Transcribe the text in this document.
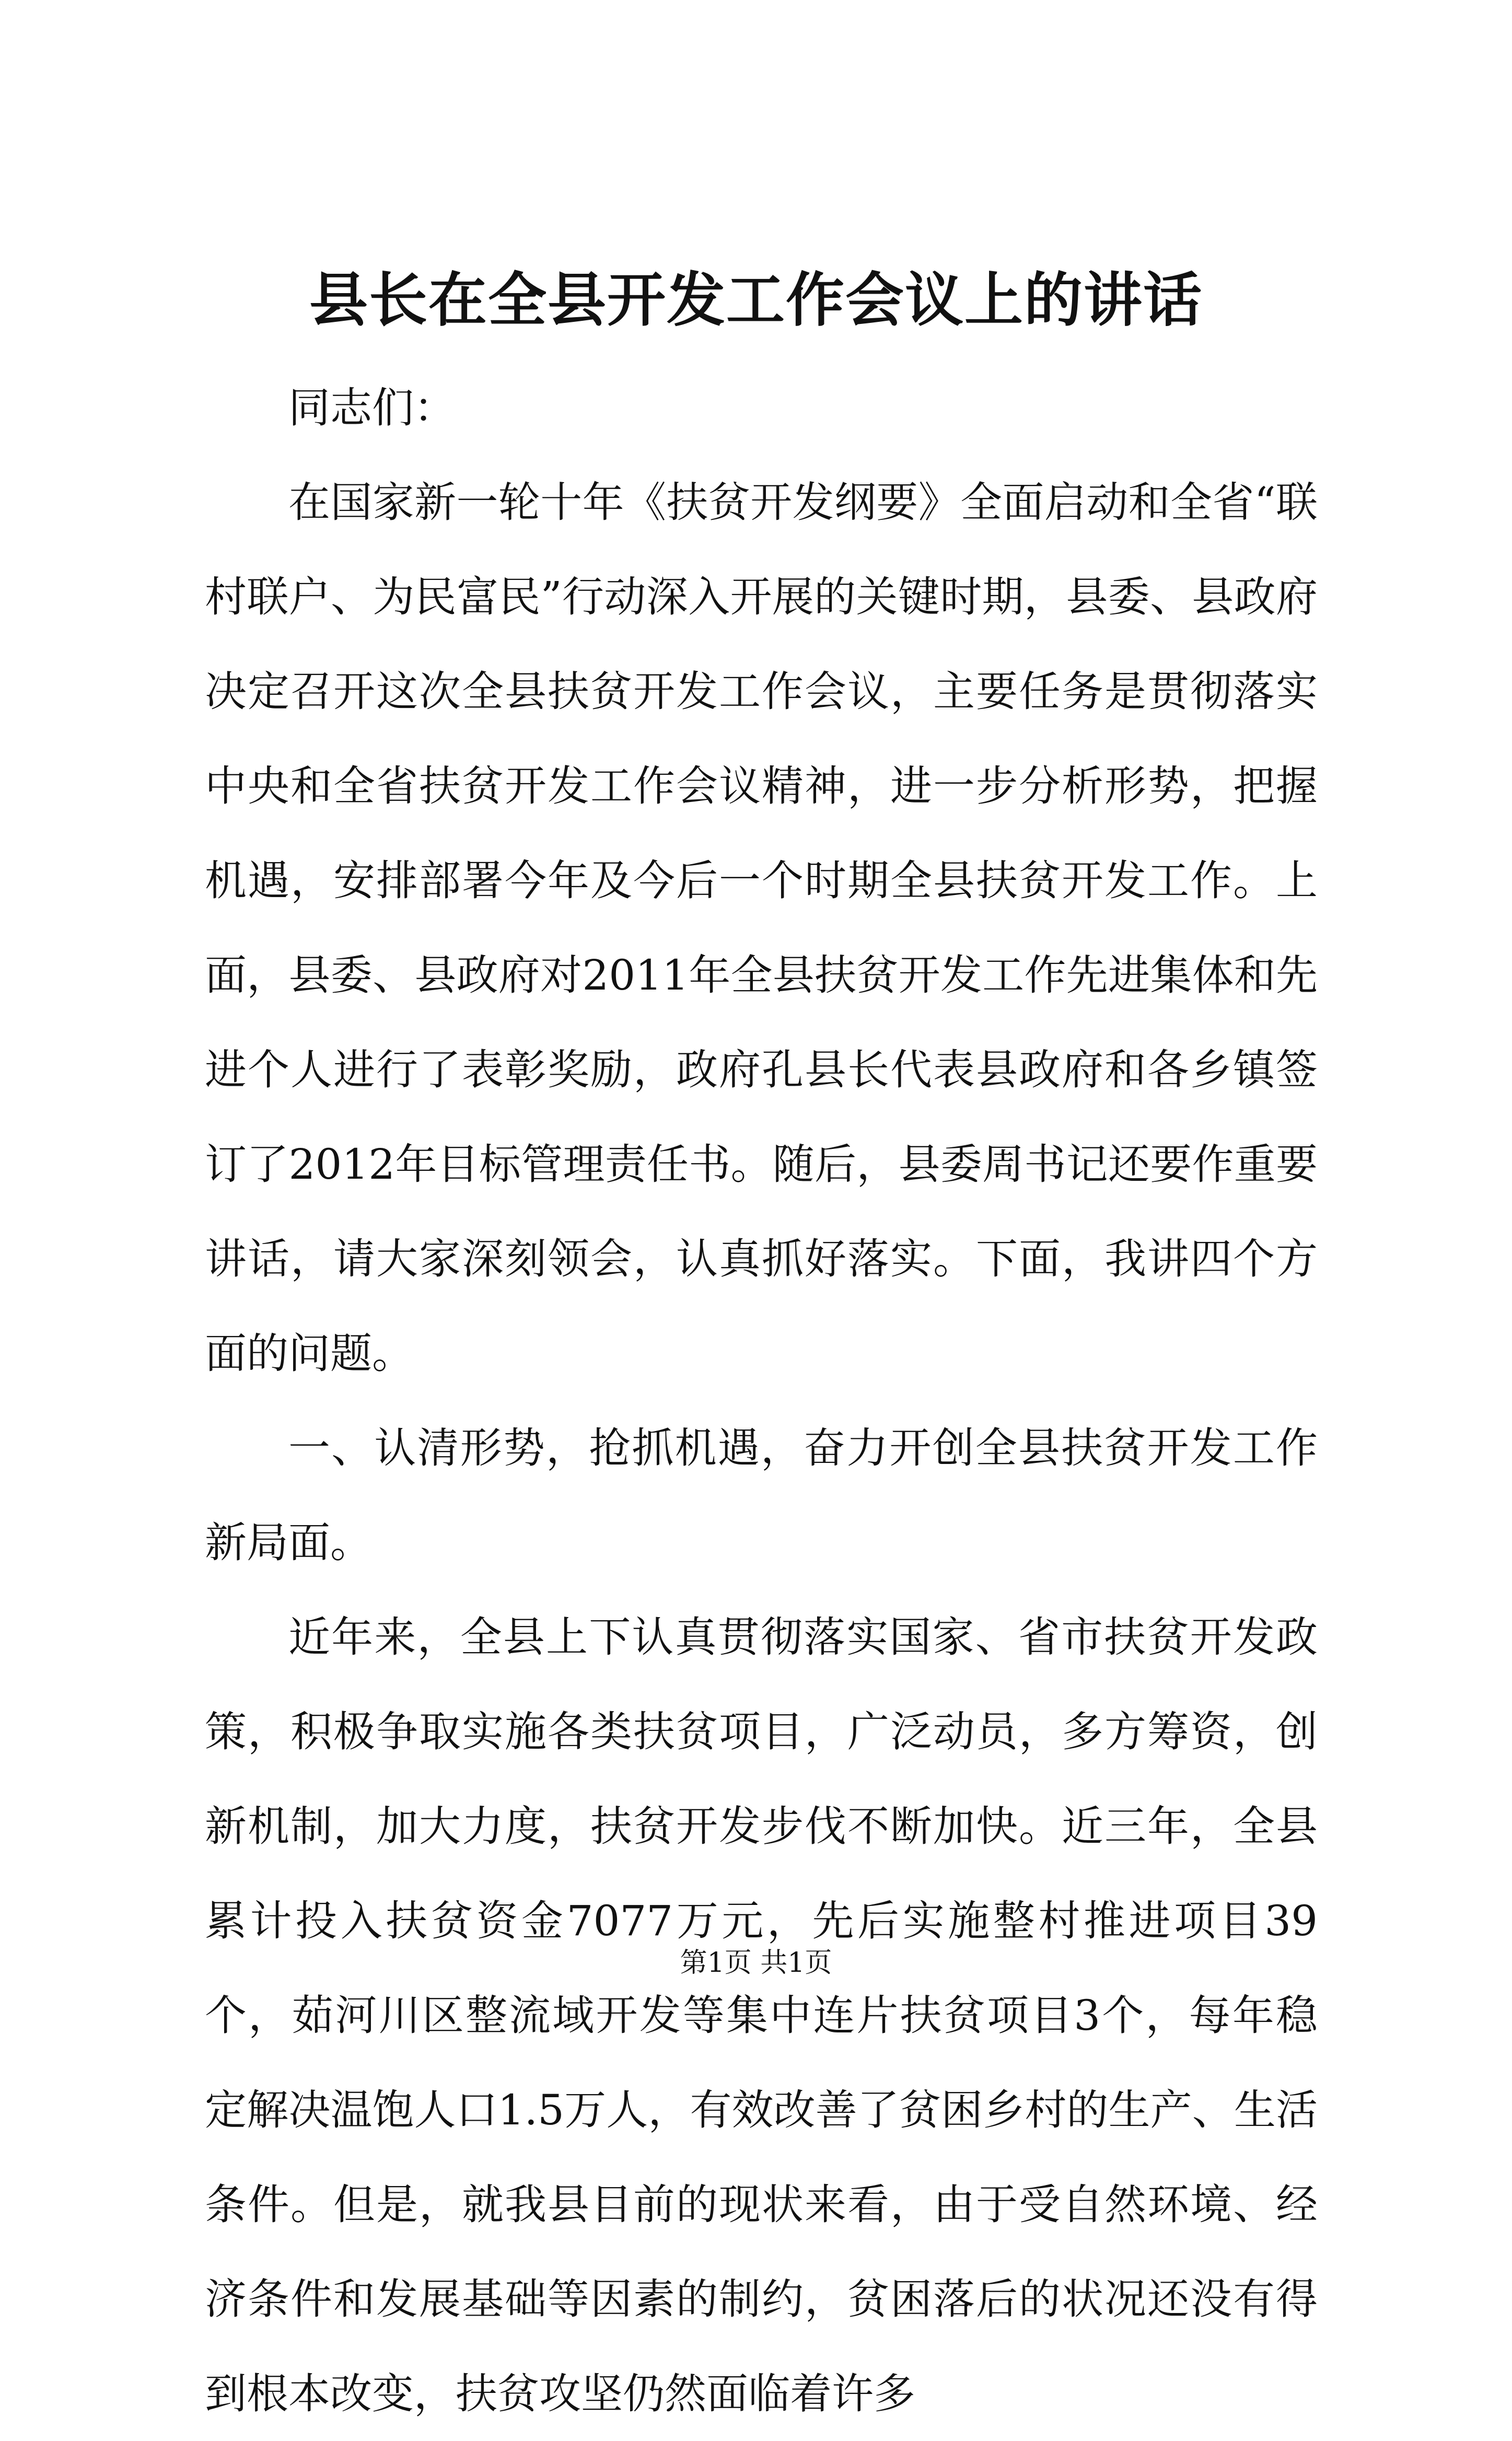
县长在全县开发工作会议上的讲话

同志们：

在国家新一轮十年《扶贫开发纲要》全面启动和全省“联村联户、为民富民”行动深入开展的关键时期，县委、县政府决定召开这次全县扶贫开发工作会议，主要任务是贯彻落实中央和全省扶贫开发工作会议精神，进一步分析形势，把握机遇，安排部署今年及今后一个时期全县扶贫开发工作。上面，县委、县政府对2011年全县扶贫开发工作先进集体和先进个人进行了表彰奖励，政府孔县长代表县政府和各乡镇签订了2012年目标管理责任书。随后，县委周书记还要作重要讲话，请大家深刻领会，认真抓好落实。下面，我讲四个方面的问题。

一、认清形势，抢抓机遇，奋力开创全县扶贫开发工作新局面。

近年来，全县上下认真贯彻落实国家、省市扶贫开发政策，积极争取实施各类扶贫项目，广泛动员，多方筹资，创新机制，加大力度，扶贫开发步伐不断加快。近三年，全县累计投入扶贫资金7077万元，先后实施整村推进项目39个，茹河川区整流域开发等集中连片扶贫项目3个，每年稳定解决温饱人口1.5万人，有效改善了贫困乡村的生产、生活条件。但是，就我县目前的现状来看，由于受自然环境、经济条件和发展基础等因素的制约，贫困落后的状况还没有得到根本改变，扶贫攻坚仍然面临着许多

第1页 共1页
